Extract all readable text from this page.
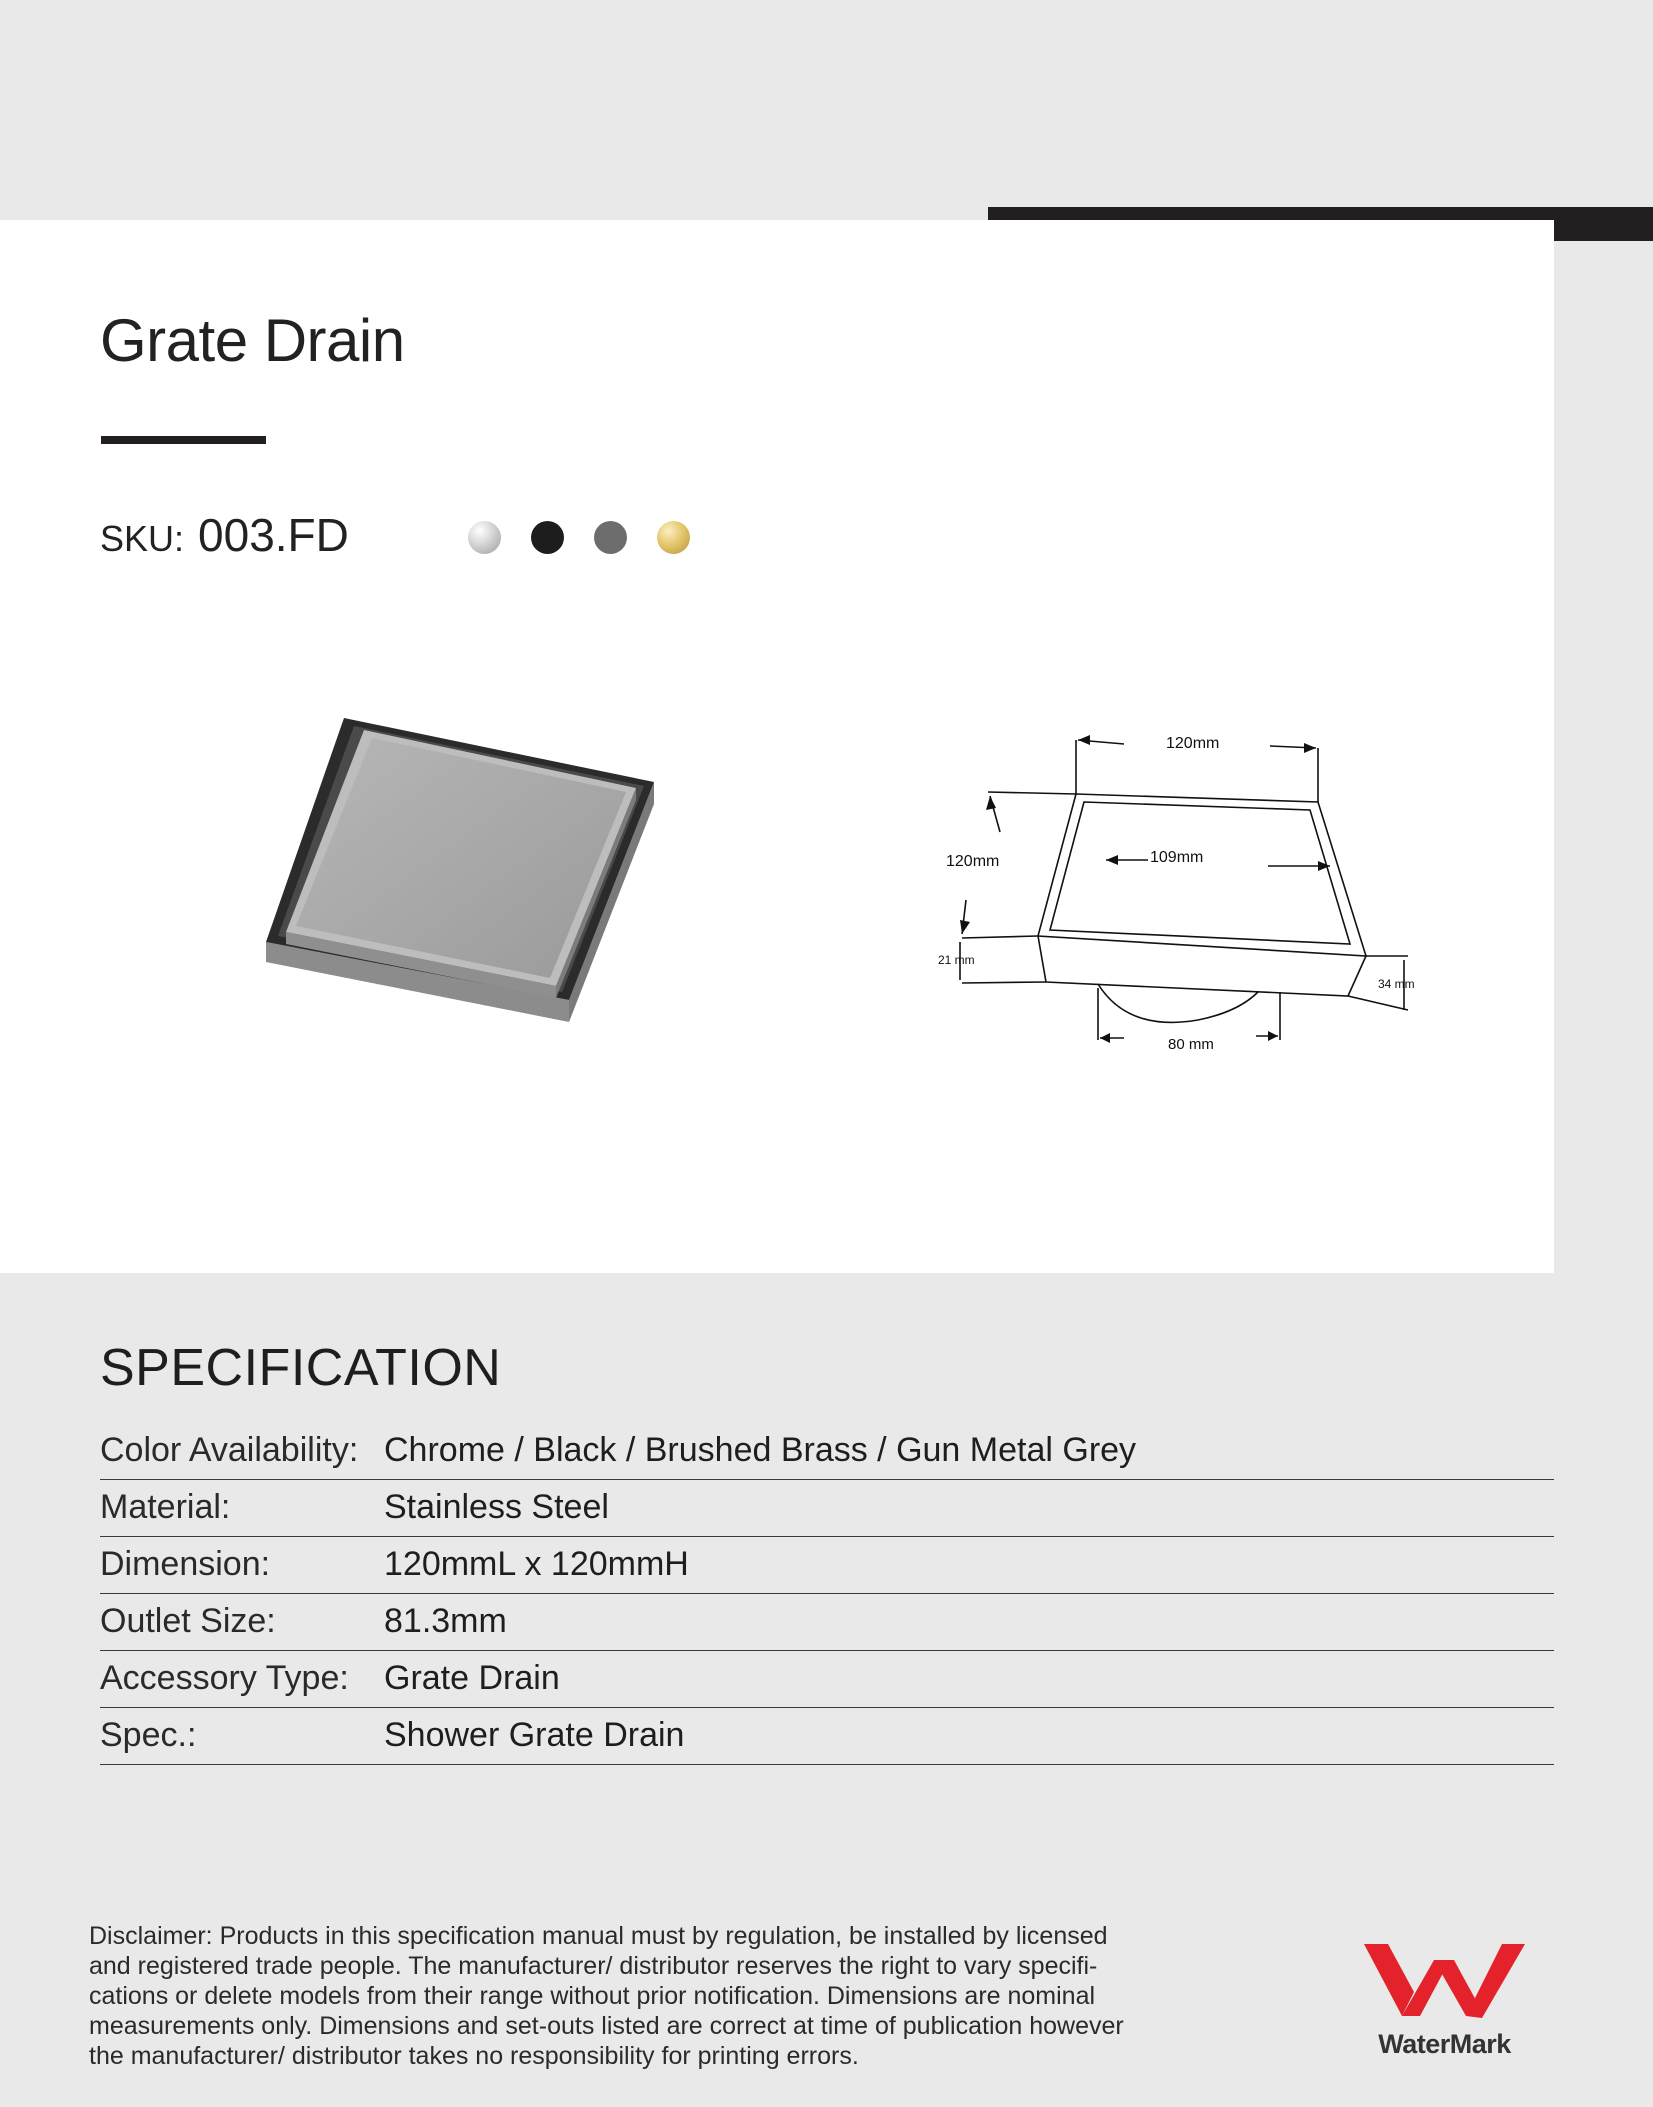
Grate Drain
SKU: 003.FD
120mm
120mm	109mm
21 mm
34 mm
80 mm
SPECIFICATION
Color Availability: Chrome / Black / Brushed Brass / Gun Metal Grey
Material:	Stainless Steel
Dimension:	120mmL x 120mmH
Outlet Size:	81.3mm
Accessory Type: Grate Drain
Spec.:	Shower Grate Drain

Disclaimer: Products in this specification manual must by regulation, be installed by licensed

and registered trade people. The manufacturer/ distributor reserves the right to vary specifi-

cations or delete models from their range without prior notification. Dimensions are nominal

measurements only. Dimensions and set-outs listed are correct at time of publication however

the manufacturer/ distributor takes no responsibility for printing errors.	WaterMark
